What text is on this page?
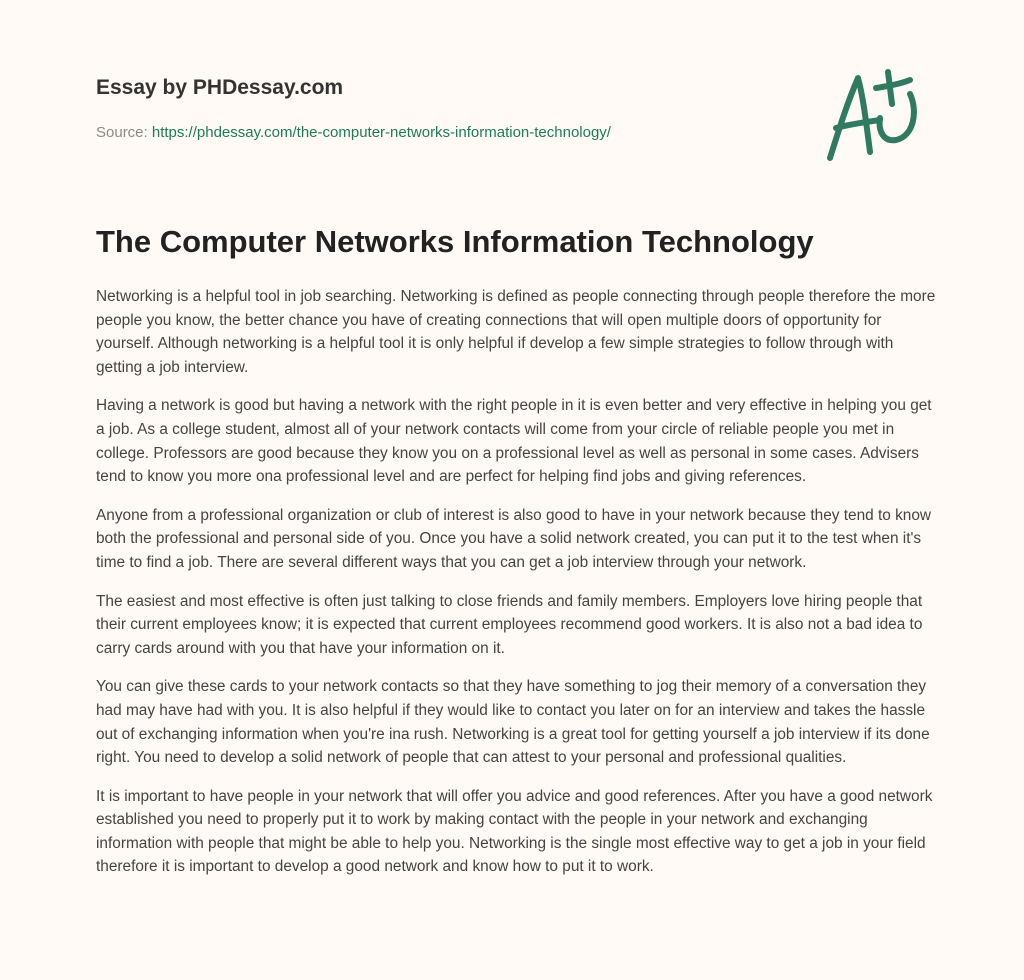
Essay by PHDessay.com
Source: https://phdessay.com/the-computer-networks-information-technology/
The Computer Networks Information Technology

Networking is a helpful tool in job searching. Networking is defined as people connecting through people therefore the more people you know, the better chance you have of creating connections that will open multiple doors of opportunity for yourself. Although networking is a helpful tool it is only helpful if develop a few simple strategies to follow through with getting a job interview.

Having a network is good but having a network with the right people in it is even better and very effective in helping you get a job. As a college student, almost all of your network contacts will come from your circle of reliable people you met in college. Professors are good because they know you on a professional level as well as personal in some cases. Advisers tend to know you more ona professional level and are perfect for helping find jobs and giving references.

Anyone from a professional organization or club of interest is also good to have in your network because they tend to know both the professional and personal side of you. Once you have a solid network created, you can put it to the test when it's time to find a job. There are several different ways that you can get a job interview through your network.

The easiest and most effective is often just talking to close friends and family members. Employers love hiring people that their current employees know; it is expected that current employees recommend good workers. It is also not a bad idea to carry cards around with you that have your information on it.

You can give these cards to your network contacts so that they have something to jog their memory of a conversation they had may have had with you. It is also helpful if they would like to contact you later on for an interview and takes the hassle out of exchanging information when you're ina rush. Networking is a great tool for getting yourself a job interview if its done right. You need to develop a solid network of people that can attest to your personal and professional qualities.

It is important to have people in your network that will offer you advice and good references. After you have a good network established you need to properly put it to work by making contact with the people in your network and exchanging information with people that might be able to help you. Networking is the single most effective way to get a job in your field therefore it is important to develop a good network and know how to put it to work.
